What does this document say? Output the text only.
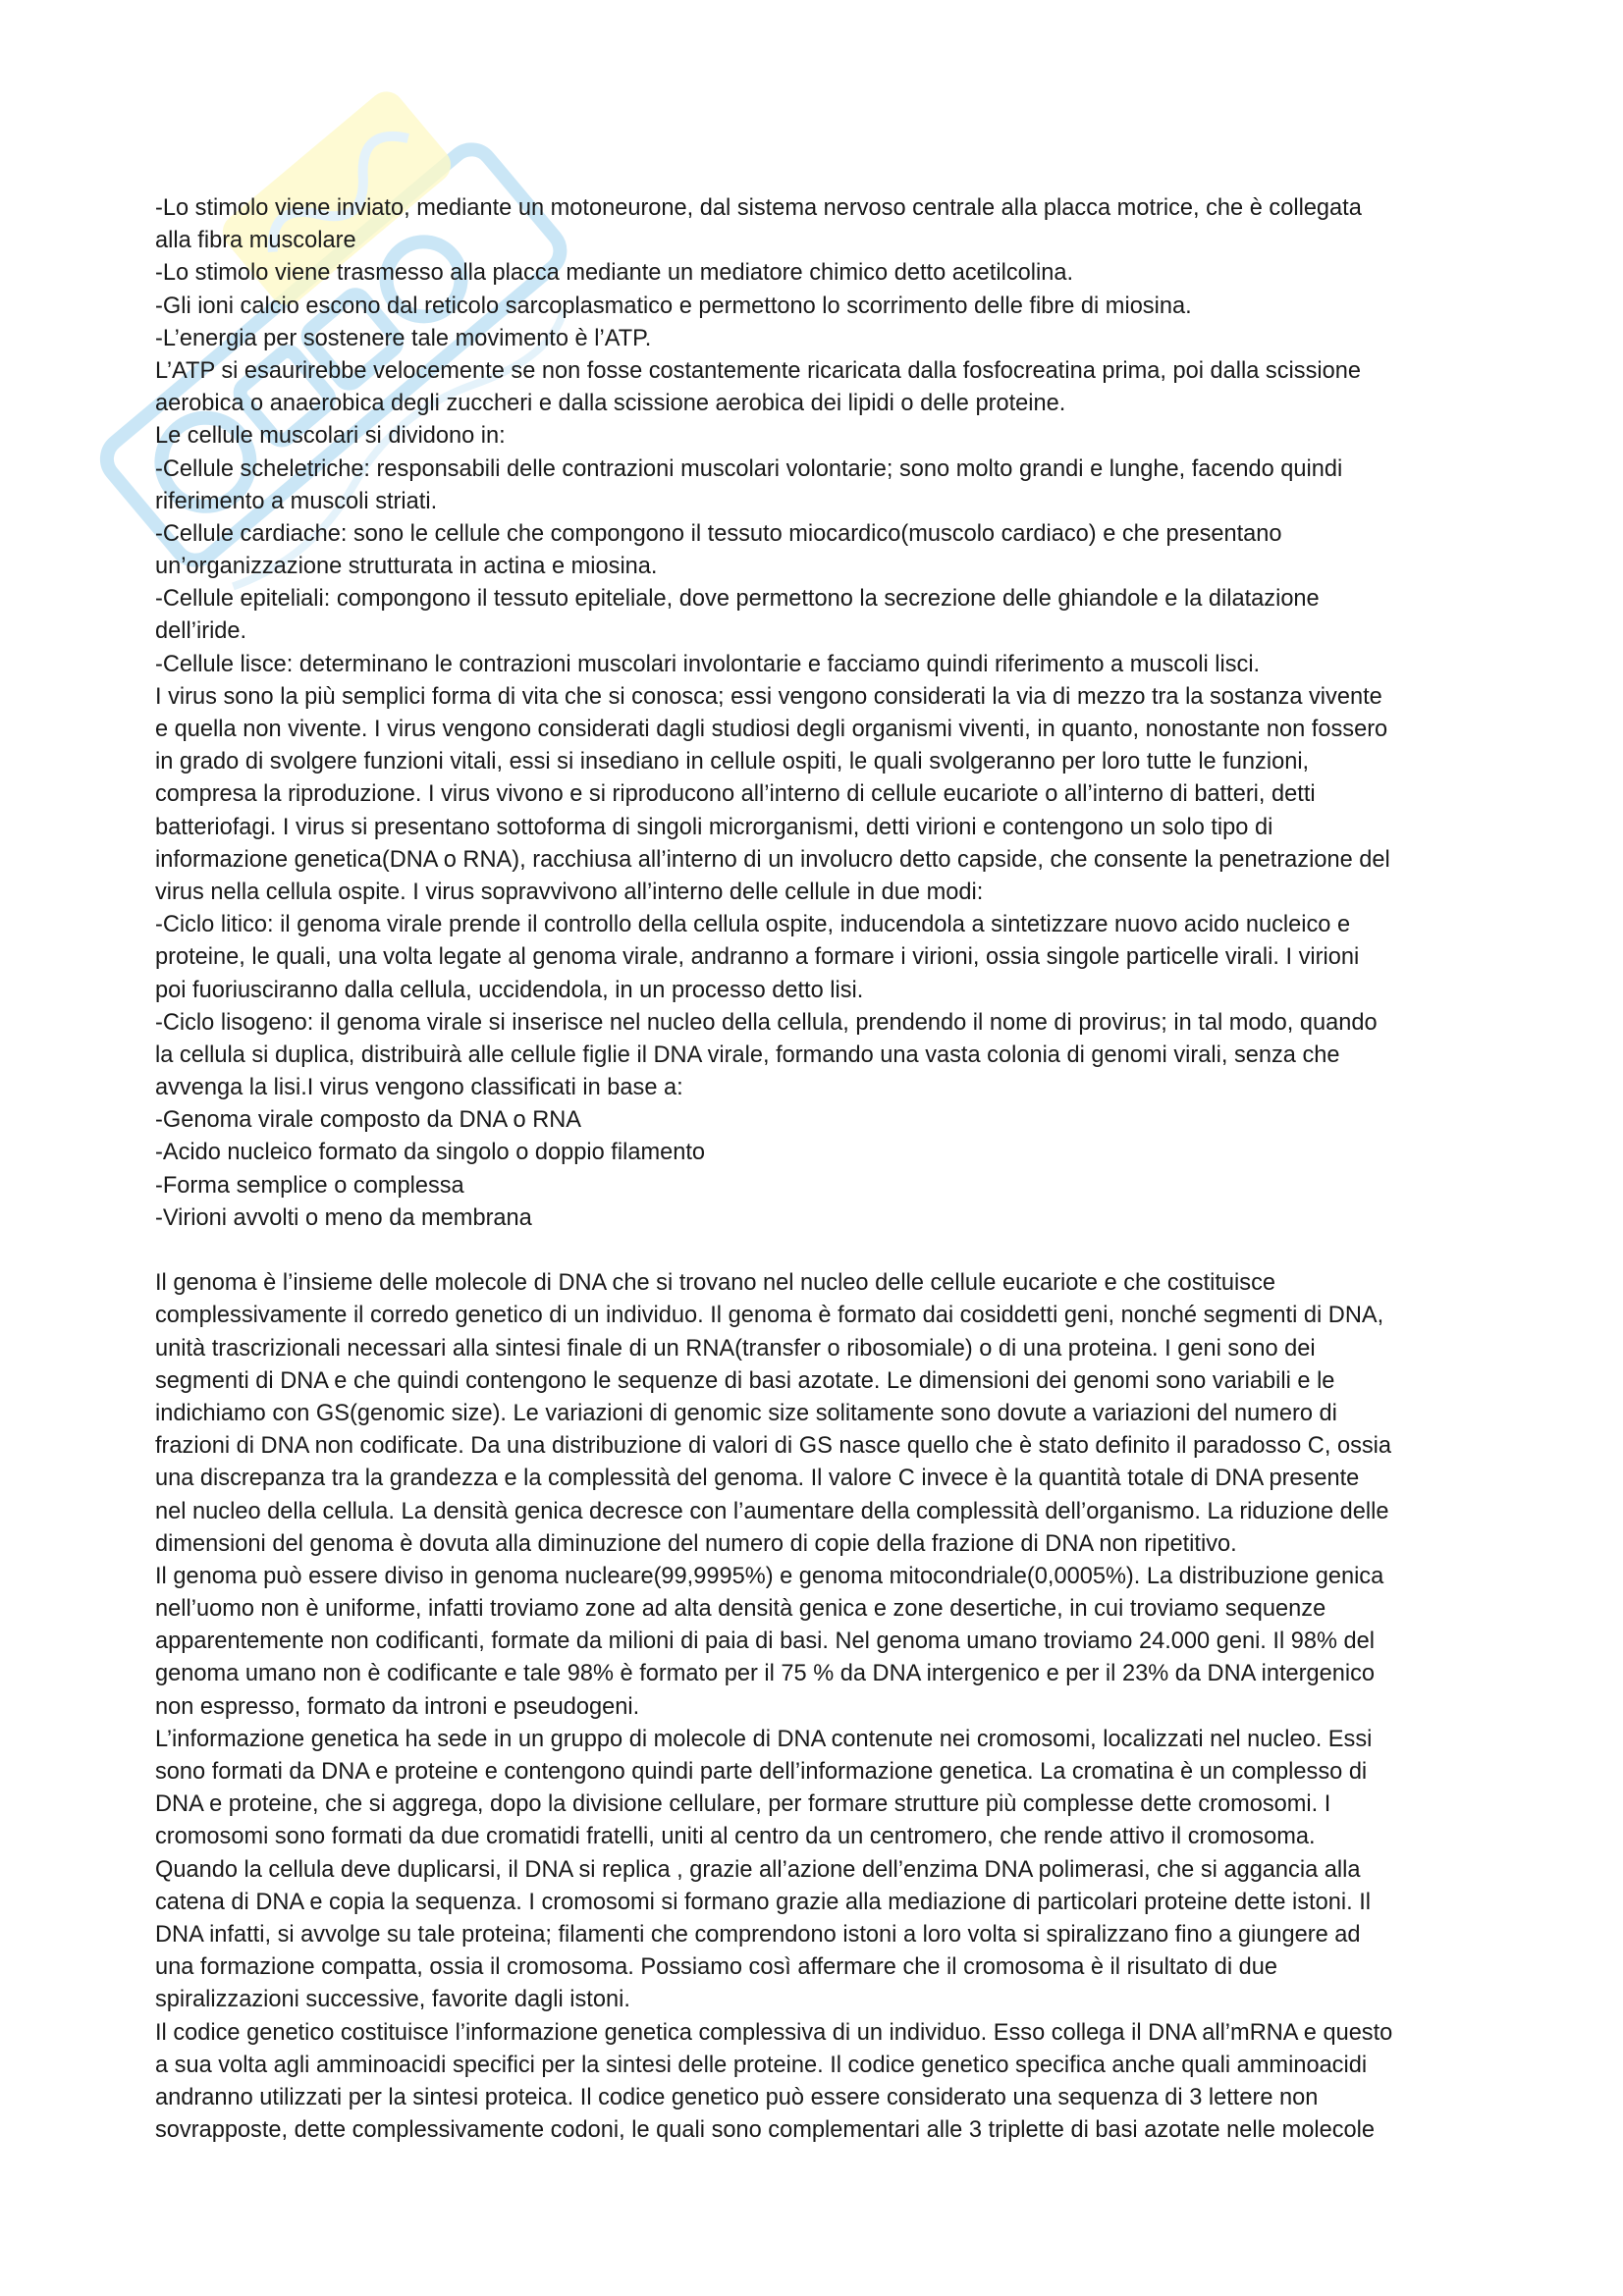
-Lo stimolo viene inviato, mediante un motoneurone, dal sistema nervoso centrale alla placca motrice, che è collegata

alla fibra muscolare

-Lo stimolo viene trasmesso alla placca mediante un mediatore chimico detto acetilcolina.

-Gli ioni calcio escono dal reticolo sarcoplasmatico e permettono lo scorrimento delle fibre di miosina.

-L’energia per sostenere tale movimento è l’ATP.

L’ATP si esaurirebbe velocemente se non fosse costantemente ricaricata dalla fosfocreatina prima, poi dalla scissione

aerobica o anaerobica degli zuccheri e dalla scissione aerobica dei lipidi o delle proteine.

Le cellule muscolari si dividono in:

-Cellule scheletriche: responsabili delle contrazioni muscolari volontarie; sono molto grandi e lunghe, facendo quindi

riferimento a muscoli striati.

-Cellule cardiache: sono le cellule che compongono il tessuto miocardico(muscolo cardiaco) e che presentano

un’organizzazione strutturata in actina e miosina.

-Cellule epiteliali: compongono il tessuto epiteliale, dove permettono la secrezione delle ghiandole e la dilatazione

dell’iride.

-Cellule lisce: determinano le contrazioni muscolari involontarie e facciamo quindi riferimento a muscoli lisci.

I virus sono la più semplici forma di vita che si conosca; essi vengono considerati la via di mezzo tra la sostanza vivente

e quella non vivente. I virus vengono considerati dagli studiosi degli organismi viventi, in quanto, nonostante non fossero

in grado di svolgere funzioni vitali, essi si insediano in cellule ospiti, le quali svolgeranno per loro tutte le funzioni,

compresa la riproduzione. I virus vivono e si riproducono all’interno di cellule eucariote o all’interno di batteri, detti

batteriofagi. I virus si presentano sottoforma di singoli microrganismi, detti virioni e contengono un solo tipo di

informazione genetica(DNA o RNA), racchiusa all’interno di un involucro detto capside, che consente la penetrazione del

virus nella cellula ospite. I virus sopravvivono all’interno delle cellule in due modi:

-Ciclo litico: il genoma virale prende il controllo della cellula ospite, inducendola a sintetizzare nuovo acido nucleico e

proteine, le quali, una volta legate al genoma virale, andranno a formare i virioni, ossia singole particelle virali. I virioni

poi fuoriusciranno dalla cellula, uccidendola, in un processo detto lisi.

-Ciclo lisogeno: il genoma virale si inserisce nel nucleo della cellula, prendendo il nome di provirus; in tal modo, quando

la cellula si duplica, distribuirà alle cellule figlie il DNA virale, formando una vasta colonia di genomi virali, senza che

avvenga la lisi.I virus vengono classificati in base a:

-Genoma virale composto da DNA o RNA

-Acido nucleico formato da singolo o doppio filamento

-Forma semplice o complessa

-Virioni avvolti o meno da membrana

Il genoma è l’insieme delle molecole di DNA che si trovano nel nucleo delle cellule eucariote e che costituisce

complessivamente il corredo genetico di un individuo. Il genoma è formato dai cosiddetti geni, nonché segmenti di DNA,

unità trascrizionali necessari alla sintesi finale di un RNA(transfer o ribosomiale) o di una proteina. I geni sono dei

segmenti di DNA e che quindi contengono le sequenze di basi azotate. Le dimensioni dei genomi sono variabili e le

indichiamo con GS(genomic size). Le variazioni di genomic size solitamente sono dovute a variazioni del numero di

frazioni di DNA non codificate. Da una distribuzione di valori di GS nasce quello che è stato definito il paradosso C, ossia

una discrepanza tra la grandezza e la complessità del genoma. Il valore C invece è la quantità totale di DNA presente

nel nucleo della cellula. La densità genica decresce con l’aumentare della complessità dell’organismo. La riduzione delle

dimensioni del genoma è dovuta alla diminuzione del numero di copie della frazione di DNA non ripetitivo.

Il genoma può essere diviso in genoma nucleare(99,9995%) e genoma mitocondriale(0,0005%). La distribuzione genica

nell’uomo non è uniforme, infatti troviamo zone ad alta densità genica e zone desertiche, in cui troviamo sequenze

apparentemente non codificanti, formate da milioni di paia di basi. Nel genoma umano troviamo 24.000 geni. Il 98% del

genoma umano non è codificante e tale 98% è formato per il 75 % da DNA intergenico e per il 23% da DNA intergenico

non espresso, formato da introni e pseudogeni.

L’informazione genetica ha sede in un gruppo di molecole di DNA contenute nei cromosomi, localizzati nel nucleo. Essi

sono formati da DNA e proteine e contengono quindi parte dell’informazione genetica. La cromatina è un complesso di

DNA e proteine, che si aggrega, dopo la divisione cellulare, per formare strutture più complesse dette cromosomi. I

cromosomi sono formati da due cromatidi fratelli, uniti al centro da un centromero, che rende attivo il cromosoma.

Quando la cellula deve duplicarsi, il DNA si replica , grazie all’azione dell’enzima DNA polimerasi, che si aggancia alla

catena di DNA e copia la sequenza. I cromosomi si formano grazie alla mediazione di particolari proteine dette istoni. Il

DNA infatti, si avvolge su tale proteina; filamenti che comprendono istoni a loro volta si spiralizzano fino a giungere ad

una formazione compatta, ossia il cromosoma. Possiamo così affermare che il cromosoma è il risultato di due

spiralizzazioni successive, favorite dagli istoni.

Il codice genetico costituisce l’informazione genetica complessiva di un individuo. Esso collega il DNA all’mRNA e questo

a sua volta agli amminoacidi specifici per la sintesi delle proteine. Il codice genetico specifica anche quali amminoacidi

andranno utilizzati per la sintesi proteica. Il codice genetico può essere considerato una sequenza di 3 lettere non

sovrapposte, dette complessivamente codoni, le quali sono complementari alle 3 triplette di basi azotate nelle molecole
